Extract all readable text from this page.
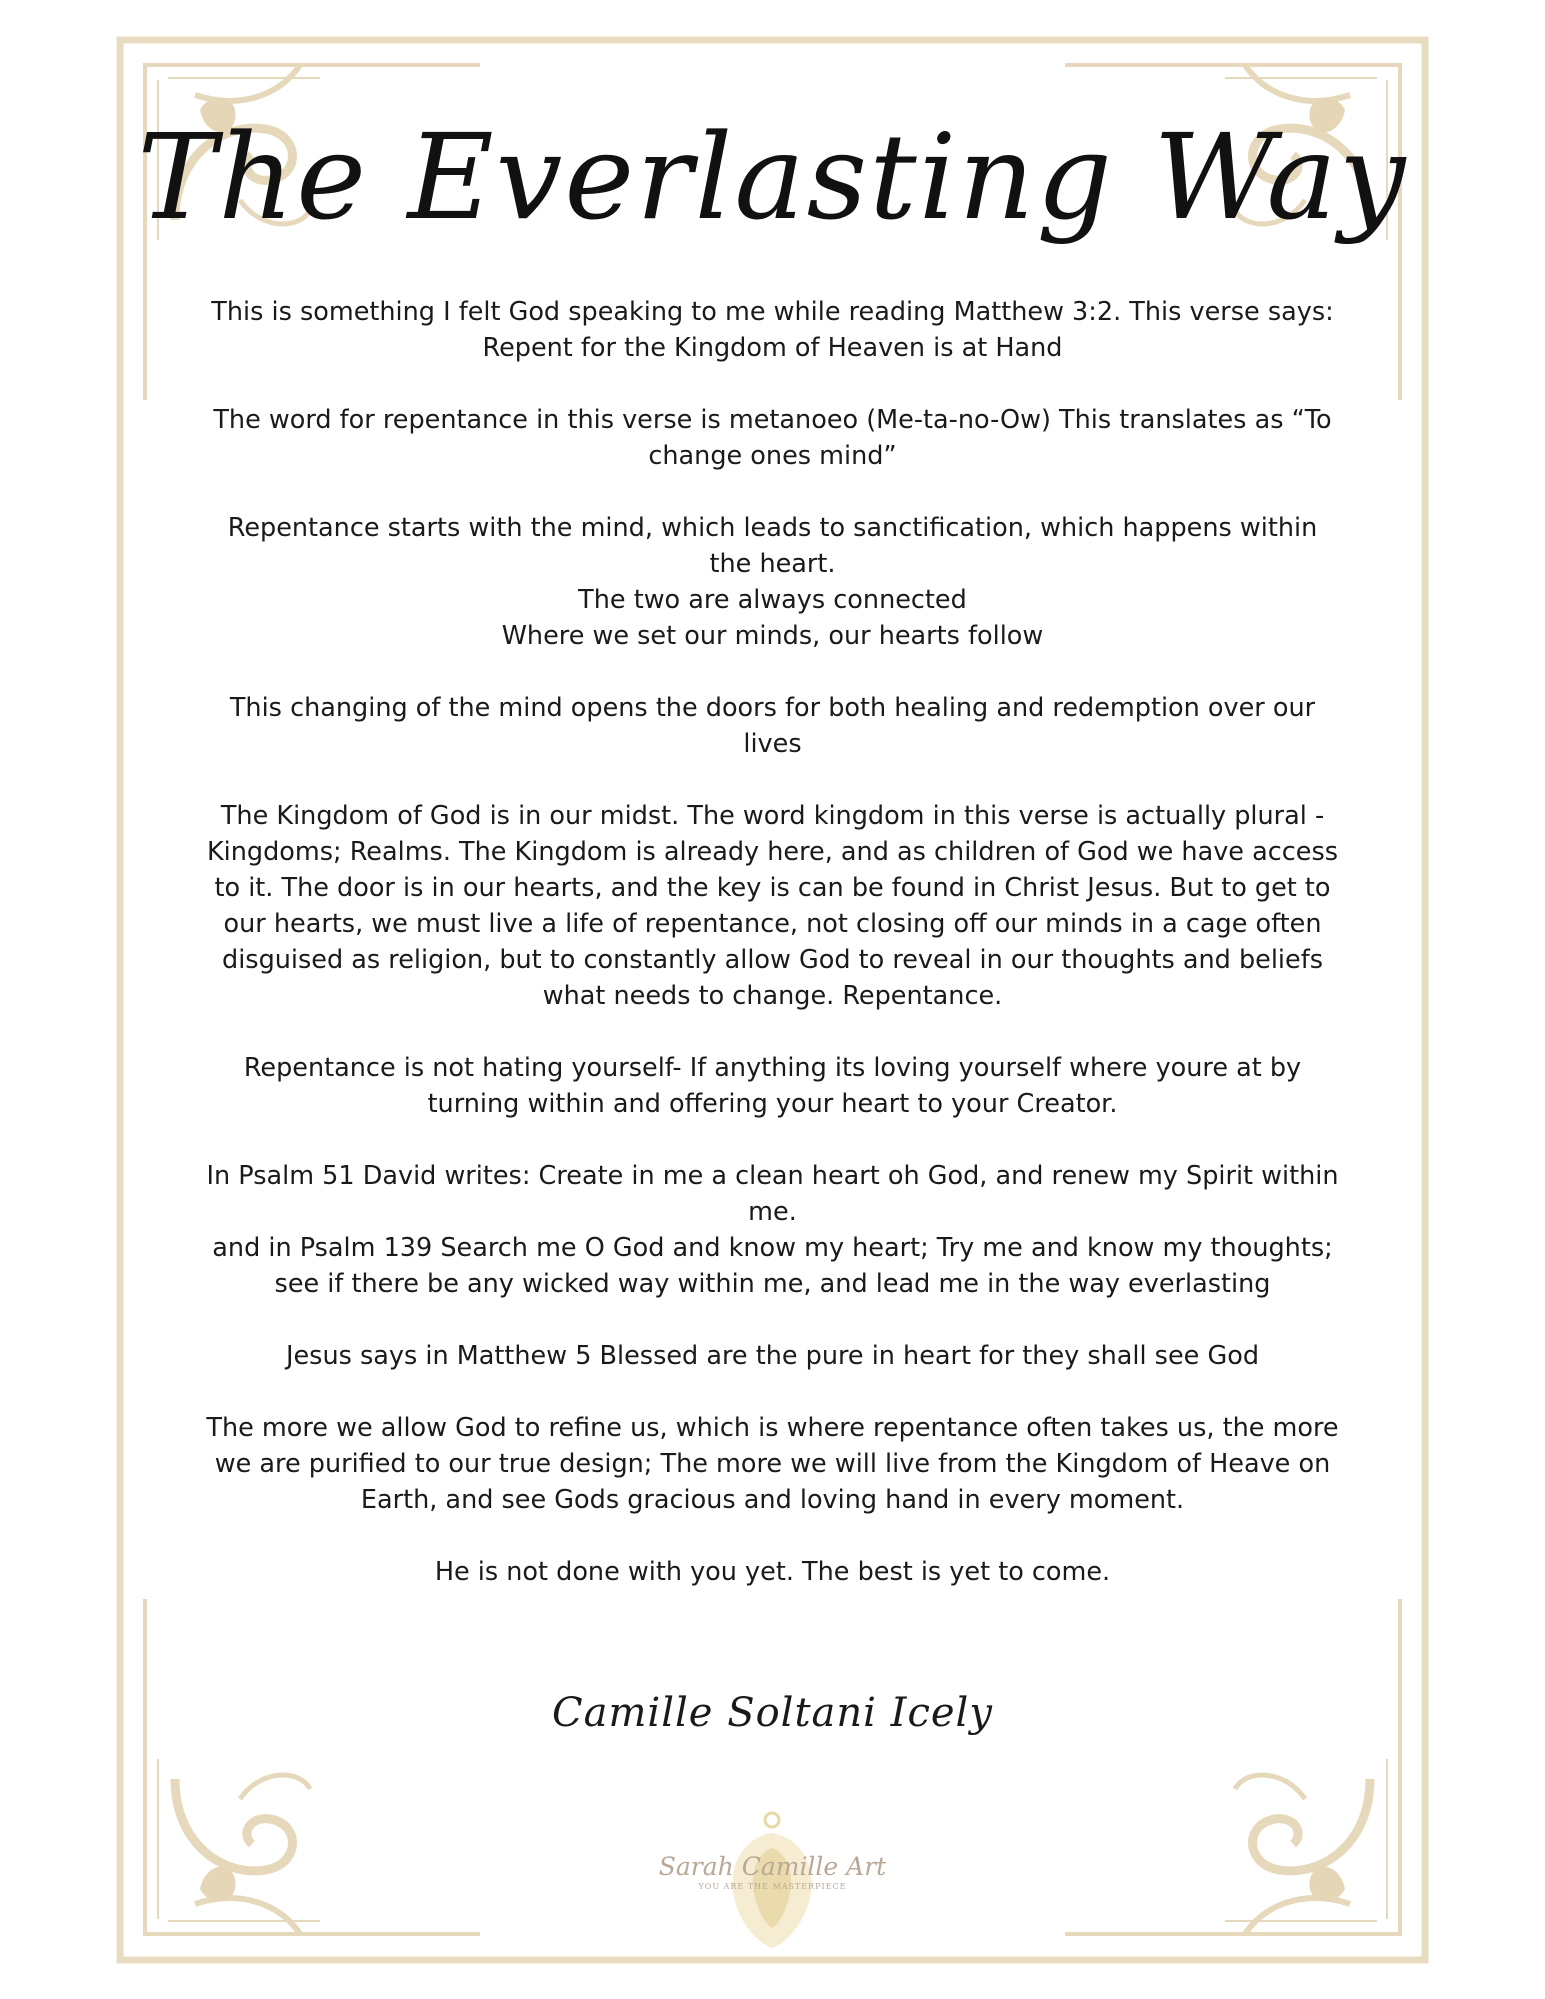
The Everlasting Way

This is something I felt God speaking to me while reading Matthew 3:2. This verse says:
Repent for the Kingdom of Heaven is at Hand

The word for repentance in this verse is metanoeo (Me-ta-no-Ow) This translates as “To
change ones mind”

Repentance starts with the mind, which leads to sanctification, which happens within
the heart.

The two are always connected

Where we set our minds, our hearts follow

This changing of the mind opens the doors for both healing and redemption over our
lives

The Kingdom of God is in our midst. The word kingdom in this verse is actually plural -
Kingdoms; Realms. The Kingdom is already here, and as children of God we have access
to it. The door is in our hearts, and the key is can be found in Christ Jesus. But to get to
our hearts, we must live a life of repentance, not closing off our minds in a cage often
disguised as religion, but to constantly allow God to reveal in our thoughts and beliefs
what needs to change. Repentance.

Repentance is not hating yourself- If anything its loving yourself where youre at by
turning within and offering your heart to your Creator.

In Psalm 51 David writes: Create in me a clean heart oh God, and renew my Spirit within
me.

and in Psalm 139 Search me O God and know my heart; Try me and know my thoughts;
see if there be any wicked way within me, and lead me in the way everlasting

Jesus says in Matthew 5 Blessed are the pure in heart for they shall see God

The more we allow God to refine us, which is where repentance often takes us, the more
we are purified to our true design; The more we will live from the Kingdom of Heave on
Earth, and see Gods gracious and loving hand in every moment.

He is not done with you yet. The best is yet to come.

Camille Soltani Icely
Sarah Camille Art
YOU ARE THE MASTERPIECE
